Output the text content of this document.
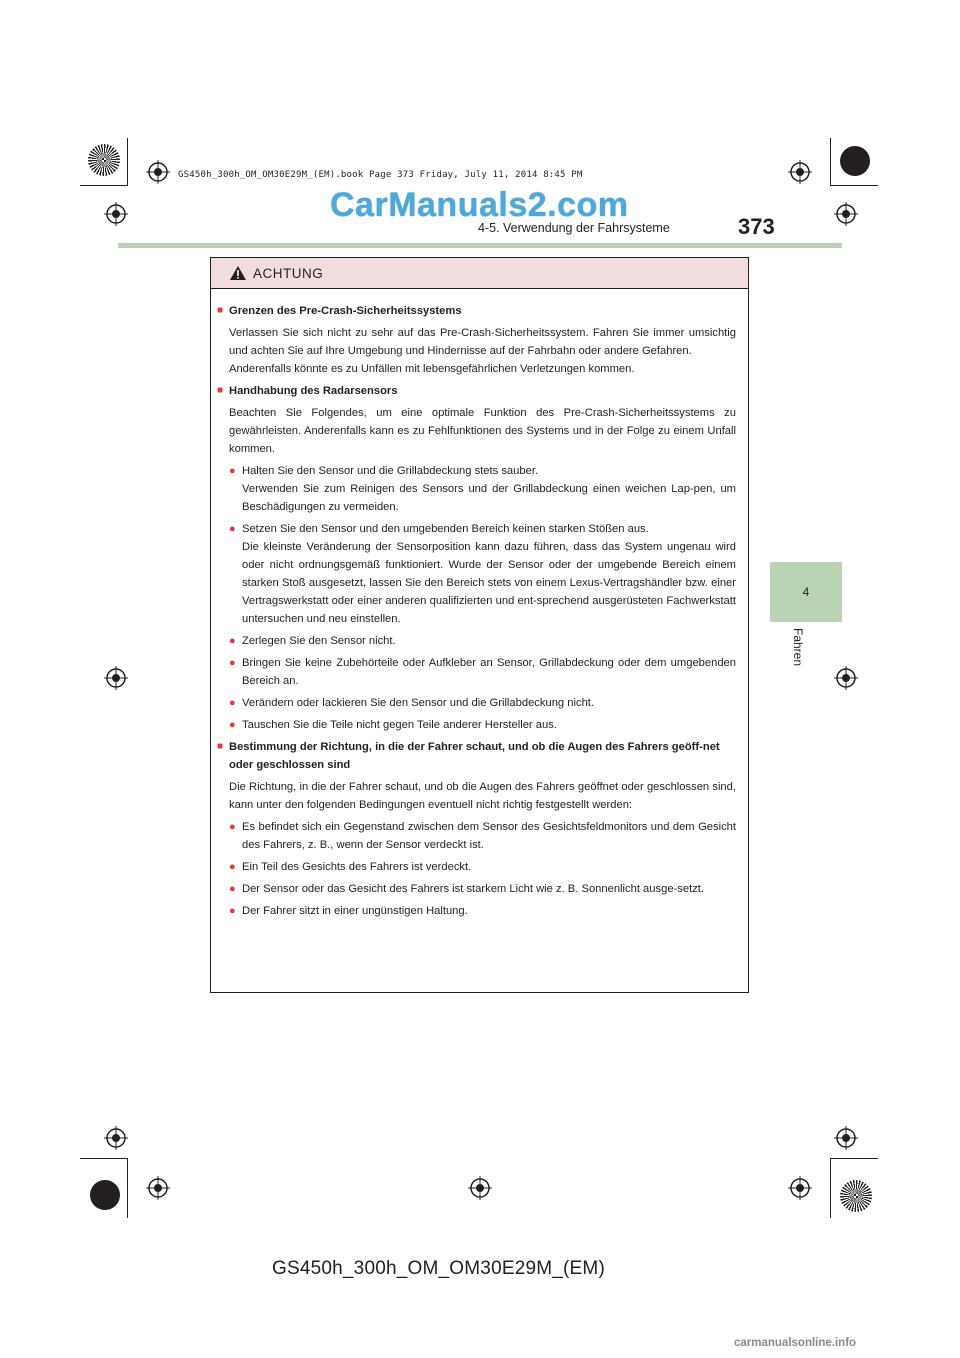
GS450h_300h_OM_OM30E29M_(EM).book Page 373 Friday, July 11, 2014 8:45 PM
CarManuals2.com
4-5. Verwendung der Fahrsysteme	373
4
Fahren
ACHTUNG
■ Grenzen des Pre-Crash-Sicherheitssystems
Verlassen Sie sich nicht zu sehr auf das Pre-Crash-Sicherheitssystem. Fahren Sie immer umsichtig und achten Sie auf Ihre Umgebung und Hindernisse auf der Fahrbahn oder andere Gefahren.
Anderenfalls könnte es zu Unfällen mit lebensgefährlichen Verletzungen kommen.
■ Handhabung des Radarsensors
Beachten Sie Folgendes, um eine optimale Funktion des Pre-Crash-Sicherheitssystems zu gewährleisten. Anderenfalls kann es zu Fehlfunktionen des Systems und in der Folge zu einem Unfall kommen.
● Halten Sie den Sensor und die Grillabdeckung stets sauber.
Verwenden Sie zum Reinigen des Sensors und der Grillabdeckung einen weichen Lap-pen, um Beschädigungen zu vermeiden.
● Setzen Sie den Sensor und den umgebenden Bereich keinen starken Stößen aus.
Die kleinste Veränderung der Sensorposition kann dazu führen, dass das System ungenau wird oder nicht ordnungsgemäß funktioniert. Wurde der Sensor oder der umgebende Bereich einem starken Stoß ausgesetzt, lassen Sie den Bereich stets von einem Lexus-Vertragshändler bzw. einer Vertragswerkstatt oder einer anderen qualifizierten und ent-sprechend ausgerüsteten Fachwerkstatt untersuchen und neu einstellen.
● Zerlegen Sie den Sensor nicht.
● Bringen Sie keine Zubehörteile oder Aufkleber an Sensor, Grillabdeckung oder dem umgebenden Bereich an.
● Verändern oder lackieren Sie den Sensor und die Grillabdeckung nicht.
● Tauschen Sie die Teile nicht gegen Teile anderer Hersteller aus.
■ Bestimmung der Richtung, in die der Fahrer schaut, und ob die Augen des Fahrers geöff-net oder geschlossen sind
Die Richtung, in die der Fahrer schaut, und ob die Augen des Fahrers geöffnet oder geschlossen sind, kann unter den folgenden Bedingungen eventuell nicht richtig festgestellt werden:
● Es befindet sich ein Gegenstand zwischen dem Sensor des Gesichtsfeldmonitors und dem Gesicht des Fahrers, z. B., wenn der Sensor verdeckt ist.
● Ein Teil des Gesichts des Fahrers ist verdeckt.
● Der Sensor oder das Gesicht des Fahrers ist starkem Licht wie z. B. Sonnenlicht ausge-setzt.
● Der Fahrer sitzt in einer ungünstigen Haltung.
GS450h_300h_OM_OM30E29M_(EM)
carmanualsonline.info
